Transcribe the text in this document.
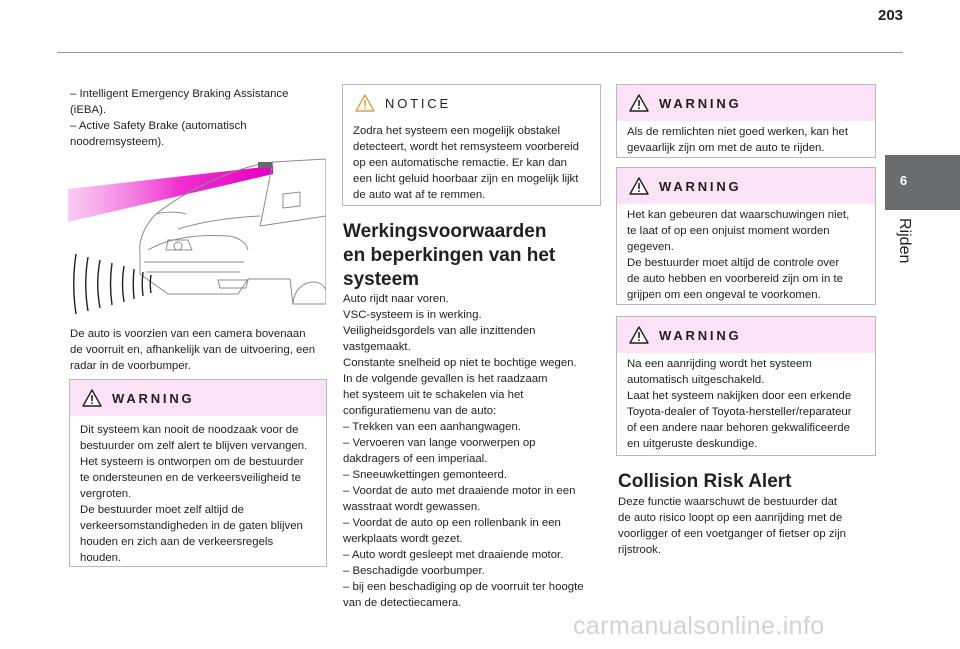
203
6
Rijden

– Intelligent Emergency Braking Assistance

(iEBA).

– Active Safety Brake (automatisch

noodremsysteem).

De auto is voorzien van een camera bovenaan

de voorruit en, afhankelijk van de uitvoering, een

radar in de voorbumper.

WARNING

Dit systeem kan nooit de noodzaak voor de

bestuurder om zelf alert te blijven vervangen.

Het systeem is ontworpen om de bestuurder

te ondersteunen en de verkeersveiligheid te

vergroten.

De bestuurder moet zelf altijd de

verkeersomstandigheden in de gaten blijven

houden en zich aan de verkeersregels

houden.

NOTICE

Zodra het systeem een mogelijk obstakel

detecteert, wordt het remsysteem voorbereid

op een automatische remactie. Er kan dan

een licht geluid hoorbaar zijn en mogelijk lijkt

de auto wat af te remmen.

Werkingsvoorwaarden
en beperkingen van het
systeem

Auto rijdt naar voren.

VSC-systeem is in werking.

Veiligheidsgordels van alle inzittenden

vastgemaakt.

Constante snelheid op niet te bochtige wegen.

In de volgende gevallen is het raadzaam

het systeem uit te schakelen via het

configuratiemenu van de auto:

– Trekken van een aanhangwagen.

– Vervoeren van lange voorwerpen op

dakdragers of een imperiaal.

– Sneeuwkettingen gemonteerd.

– Voordat de auto met draaiende motor in een

wasstraat wordt gewassen.

– Voordat de auto op een rollenbank in een

werkplaats wordt gezet.

– Auto wordt gesleept met draaiende motor.

– Beschadigde voorbumper.

– bij een beschadiging op de voorruit ter hoogte

van de detectiecamera.

WARNING

Als de remlichten niet goed werken, kan het

gevaarlijk zijn om met de auto te rijden.

WARNING

Het kan gebeuren dat waarschuwingen niet,

te laat of op een onjuist moment worden

gegeven.

De bestuurder moet altijd de controle over

de auto hebben en voorbereid zijn om in te

grijpen om een ongeval te voorkomen.

WARNING

Na een aanrijding wordt het systeem

automatisch uitgeschakeld.

Laat het systeem nakijken door een erkende

Toyota-dealer of Toyota-hersteller/reparateur

of een andere naar behoren gekwalificeerde

en uitgeruste deskundige.

Collision Risk Alert

Deze functie waarschuwt de bestuurder dat

de auto risico loopt op een aanrijding met de

voorligger of een voetganger of fietser op zijn

rijstrook.

carmanualsonline.info
